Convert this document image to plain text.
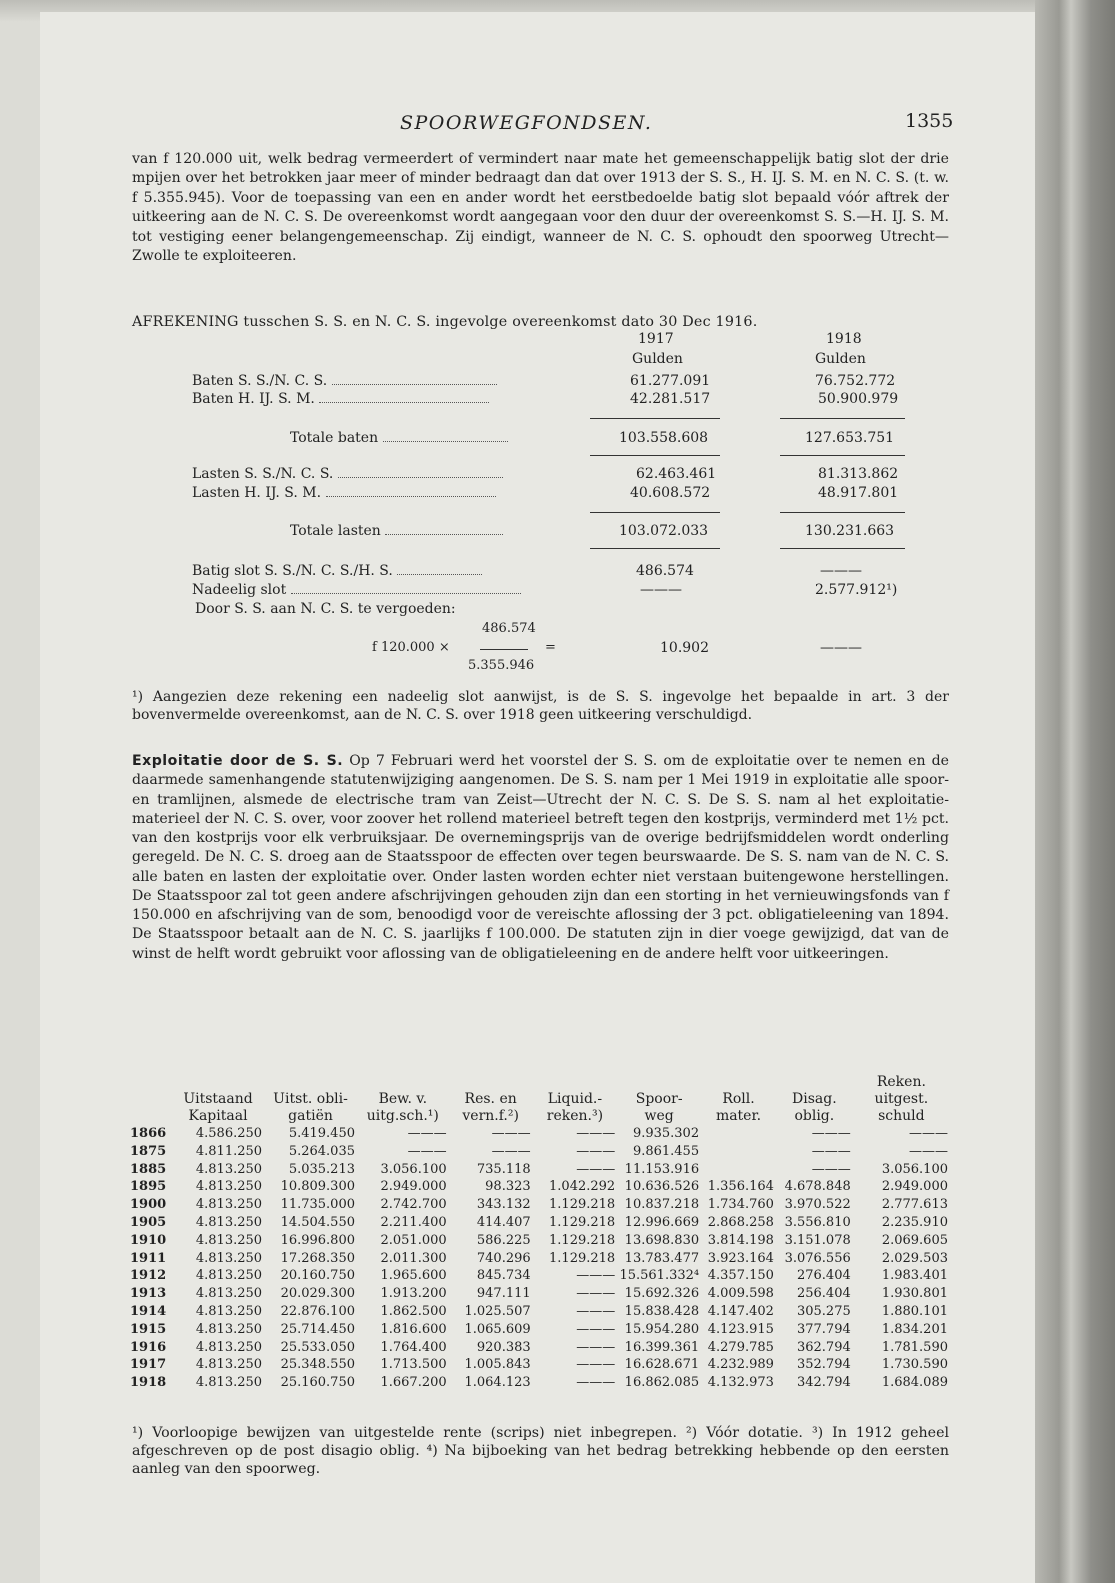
SPOORWEGFONDSEN.	1355

van f 120.000 uit, welk bedrag vermeerdert of vermindert naar mate het gemeenschappelijk batig slot der drie mpijen over het betrokken jaar meer of minder bedraagt dan dat over 1913 der S. S., H. IJ. S. M. en N. C. S. (t. w. f 5.355.945). Voor de toepassing van een en ander wordt het eerstbedoelde batig slot bepaald vóór aftrek der uitkeering aan de N. C. S. De overeenkomst wordt aangegaan voor den duur der overeenkomst S. S.—H. IJ. S. M. tot vestiging eener belangengemeenschap. Zij eindigt, wanneer de N. C. S. ophoudt den spoorweg Utrecht—Zwolle te exploiteeren.

AFREKENING tusschen S. S. en N. C. S. ingevolge overeenkomst dato 30 Dec 1916.
1917	1918
Gulden	Gulden
Baten S. S./N. C. S.	61.277.091	76.752.772
Baten H. IJ. S. M.	42.281.517	50.900.979
Totale baten	103.558.608	127.653.751
Lasten S. S./N. C. S.	62.463.461	81.313.862
Lasten H. IJ. S. M.	40.608.572	48.917.801
Totale lasten	103.072.033	130.231.663
Batig slot S. S./N. C. S./H. S.	486.574	———
Nadeelig slot	———	2.577.912¹)
Door S. S. aan N. C. S. te vergoeden:
486.574
f 120.000 ×	=
5.355.946
10.902	———
¹) Aangezien deze rekening een nadeelig slot aanwijst, is de S. S. ingevolge het bepaalde in art. 3 der bovenvermelde overeenkomst, aan de N. C. S. over 1918 geen uitkeering verschuldigd.

Exploitatie door de S. S. Op 7 Februari werd het voorstel der S. S. om de exploitatie over te nemen en de daarmede samenhangende statutenwijziging aangenomen. De S. S. nam per 1 Mei 1919 in exploitatie alle spoor- en tramlijnen, alsmede de electrische tram van Zeist—Utrecht der N. C. S. De S. S. nam al het exploitatie-materieel der N. C. S. over, voor zoover het rollend materieel betreft tegen den kostprijs, verminderd met 1½ pct. van den kostprijs voor elk verbruiksjaar. De overnemingsprijs van de overige bedrijfsmiddelen wordt onderling geregeld. De N. C. S. droeg aan de Staatsspoor de effecten over tegen beurswaarde. De S. S. nam van de N. C. S. alle baten en lasten der exploitatie over. Onder lasten worden echter niet verstaan buitengewone herstellingen. De Staatsspoor zal tot geen andere afschrijvingen gehouden zijn dan een storting in het vernieuwingsfonds van f 150.000 en afschrijving van de som, benoodigd voor de vereischte aflossing der 3 pct. obligatieleening van 1894. De Staatsspoor betaalt aan de N. C. S. jaarlijks f 100.000. De statuten zijn in dier voege gewijzigd, dat van de winst de helft wordt gebruikt voor aflossing van de obligatieleening en de andere helft voor uitkeeringen.

	Uitstaand Kapitaal	Uitst. obli- gatiën	Bew. v. uitg.sch.¹)	Res. en vern.f.²)	Liquid.- reken.³)	Spoor- weg	Roll. mater.	Disag. oblig.	Reken. uitgest. schuld
1866	4.586.250	5.419.450	———	———	———	9.935.302		———	———
1875	4.811.250	5.264.035	———	———	———	9.861.455		———	———
1885	4.813.250	5.035.213	3.056.100	735.118	———	11.153.916		———	3.056.100
1895	4.813.250	10.809.300	2.949.000	98.323	1.042.292	10.636.526	1.356.164	4.678.848	2.949.000
1900	4.813.250	11.735.000	2.742.700	343.132	1.129.218	10.837.218	1.734.760	3.970.522	2.777.613
1905	4.813.250	14.504.550	2.211.400	414.407	1.129.218	12.996.669	2.868.258	3.556.810	2.235.910
1910	4.813.250	16.996.800	2.051.000	586.225	1.129.218	13.698.830	3.814.198	3.151.078	2.069.605
1911	4.813.250	17.268.350	2.011.300	740.296	1.129.218	13.783.477	3.923.164	3.076.556	2.029.503
1912	4.813.250	20.160.750	1.965.600	845.734	———	15.561.332⁴	4.357.150	276.404	1.983.401
1913	4.813.250	20.029.300	1.913.200	947.111	———	15.692.326	4.009.598	256.404	1.930.801
1914	4.813.250	22.876.100	1.862.500	1.025.507	———	15.838.428	4.147.402	305.275	1.880.101
1915	4.813.250	25.714.450	1.816.600	1.065.609	———	15.954.280	4.123.915	377.794	1.834.201
1916	4.813.250	25.533.050	1.764.400	920.383	———	16.399.361	4.279.785	362.794	1.781.590
1917	4.813.250	25.348.550	1.713.500	1.005.843	———	16.628.671	4.232.989	352.794	1.730.590
1918	4.813.250	25.160.750	1.667.200	1.064.123	———	16.862.085	4.132.973	342.794	1.684.089
¹) Voorloopige bewijzen van uitgestelde rente (scrips) niet inbegrepen. ²) Vóór dotatie. ³) In 1912 geheel afgeschreven op de post disagio oblig. ⁴) Na bijboeking van het bedrag betrekking hebbende op den eersten aanleg van den spoorweg.
